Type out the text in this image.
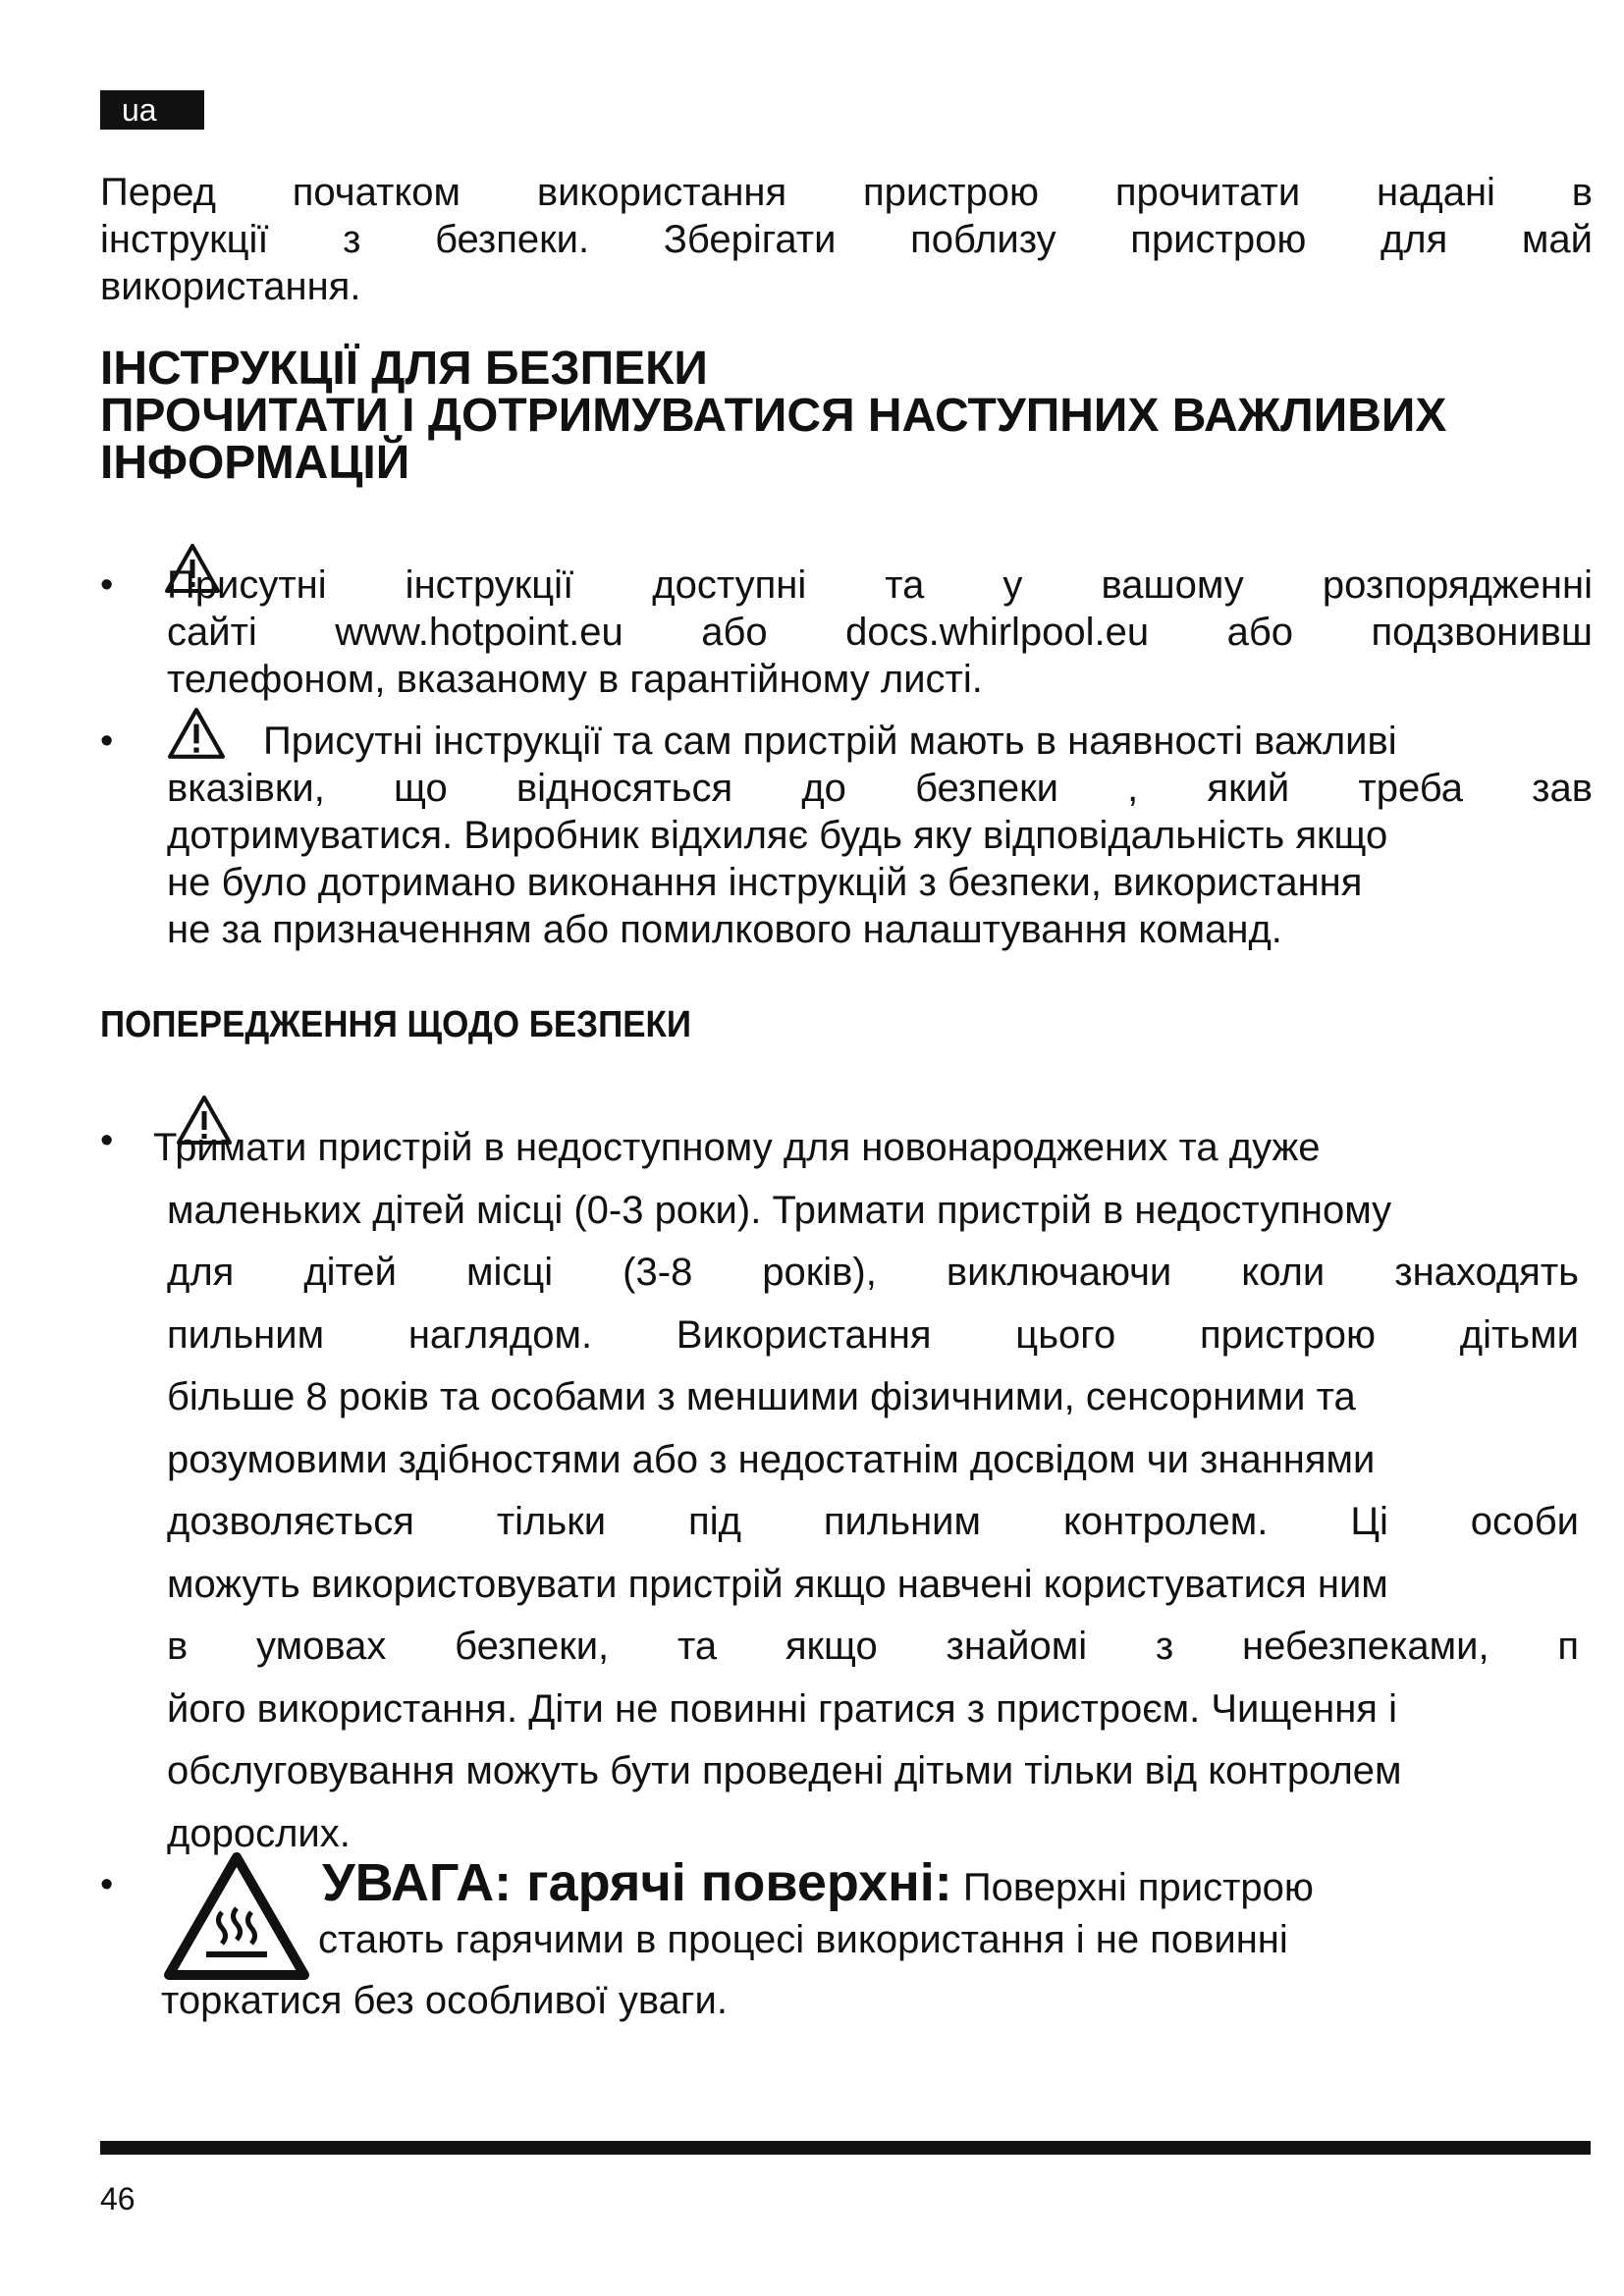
ua
Перед початком використання пристрою прочитати надані в
інструкції з безпеки. Зберігати поблизу пристрою для май
використання.
ІНСТРУКЦІЇ ДЛЯ БЕЗПЕКИ
ПРОЧИТАТИ І ДОТРИМУВАТИСЯ НАСТУПНИХ ВАЖЛИВИХ
ІНФОРМАЦІЙ
• Присутні інструкції доступні та у вашому розпорядженні
сайті www.hotpoint.eu або docs.whirlpool.eu або подзвонивш
телефоном, вказаному в гарантійному листі.
•	Присутні інструкції та сам пристрій мають в наявності важливі
вказівки, що відносяться до безпеки , який треба зав
дотримуватися. Виробник відхиляє будь яку відповідальність якщо
не було дотримано виконання інструкцій з безпеки, використання
не за призначенням або помилкового налаштування команд.
ПОПЕРЕДЖЕННЯ ЩОДО БЕЗПЕКИ
• Тримати пристрій в недоступному для новонароджених та дуже
маленьких дітей місці (0-3 роки). Тримати пристрій в недоступному
для дітей місці (3-8 років), виключаючи коли знаходять
пильним наглядом. Використання цього пристрою дітьми
більше 8 років та особами з меншими фізичними, сенсорними та
розумовими здібностями або з недостатнім досвідом чи знаннями
дозволяється тільки під пильним контролем. Ці особи
можуть використовувати пристрій якщо навчені користуватися ним
в умовах безпеки, та якщо знайомі з небезпеками, п
його використання. Діти не повинні гратися з пристроєм. Чищення і
обслуговування можуть бути проведені дітьми тільки від контролем
дорослих.
•	УВАГА: гарячі поверхні: Поверхні пристрою
стають гарячими в процесі використання і не повинні
торкатися без особливої уваги.
46
